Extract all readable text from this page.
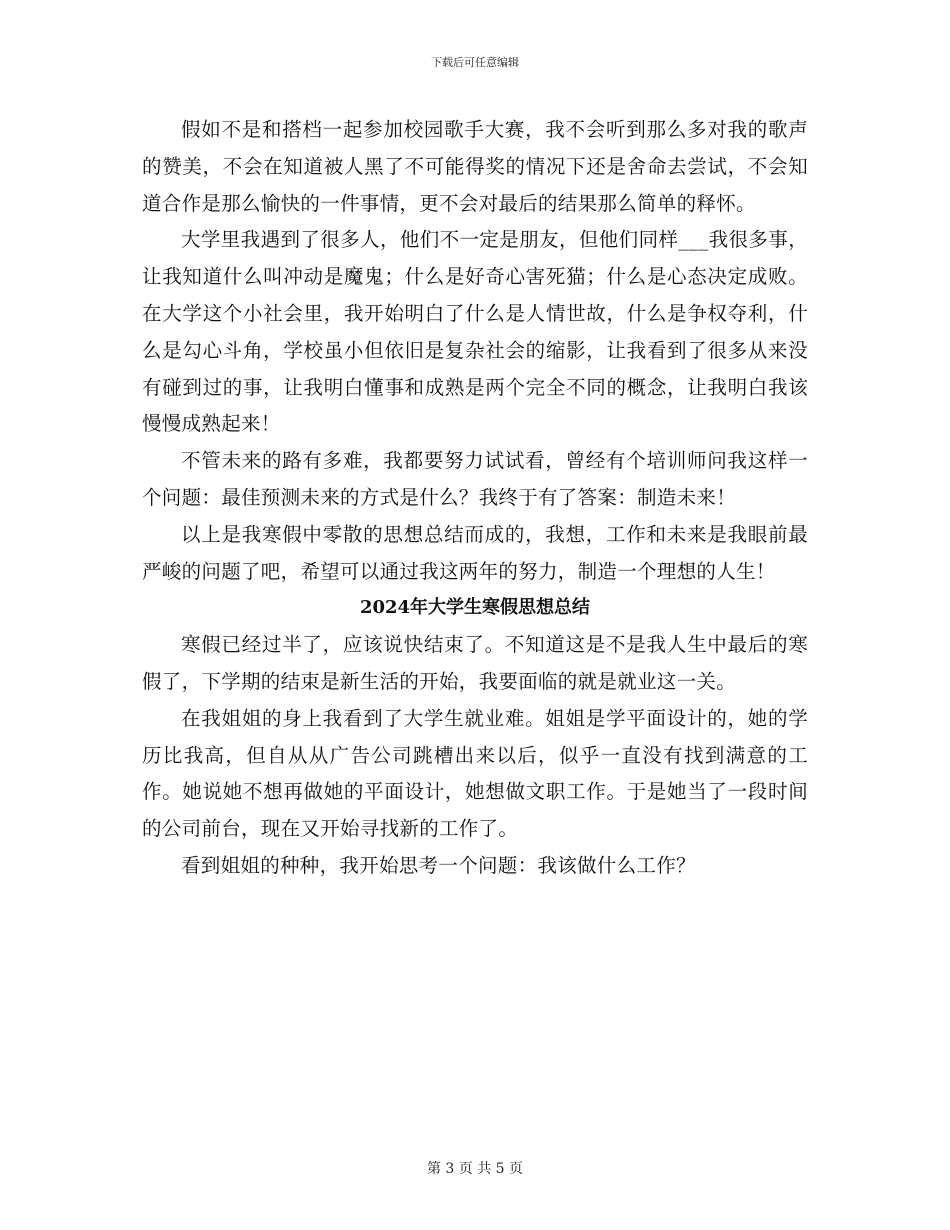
下载后可任意编辑

假如不是和搭档一起参加校园歌手大赛，我不会听到那么多对我的歌声的赞美，不会在知道被人黑了不可能得奖的情况下还是舍命去尝试，不会知道合作是那么愉快的一件事情，更不会对最后的结果那么简单的释怀。

大学里我遇到了很多人，他们不一定是朋友，但他们同样___我很多事，让我知道什么叫冲动是魔鬼；什么是好奇心害死猫；什么是心态决定成败。在大学这个小社会里，我开始明白了什么是人情世故，什么是争权夺利，什么是勾心斗角，学校虽小但依旧是复杂社会的缩影，让我看到了很多从来没有碰到过的事，让我明白懂事和成熟是两个完全不同的概念，让我明白我该慢慢成熟起来！

不管未来的路有多难，我都要努力试试看，曾经有个培训师问我这样一个问题：最佳预测未来的方式是什么？我终于有了答案：制造未来！

以上是我寒假中零散的思想总结而成的，我想，工作和未来是我眼前最严峻的问题了吧，希望可以通过我这两年的努力，制造一个理想的人生！

2024年大学生寒假思想总结

寒假已经过半了，应该说快结束了。不知道这是不是我人生中最后的寒假了，下学期的结束是新生活的开始，我要面临的就是就业这一关。

在我姐姐的身上我看到了大学生就业难。姐姐是学平面设计的，她的学历比我高，但自从从广告公司跳槽出来以后，似乎一直没有找到满意的工作。她说她不想再做她的平面设计，她想做文职工作。于是她当了一段时间的公司前台，现在又开始寻找新的工作了。

看到姐姐的种种，我开始思考一个问题：我该做什么工作？

第 3 页 共 5 页
